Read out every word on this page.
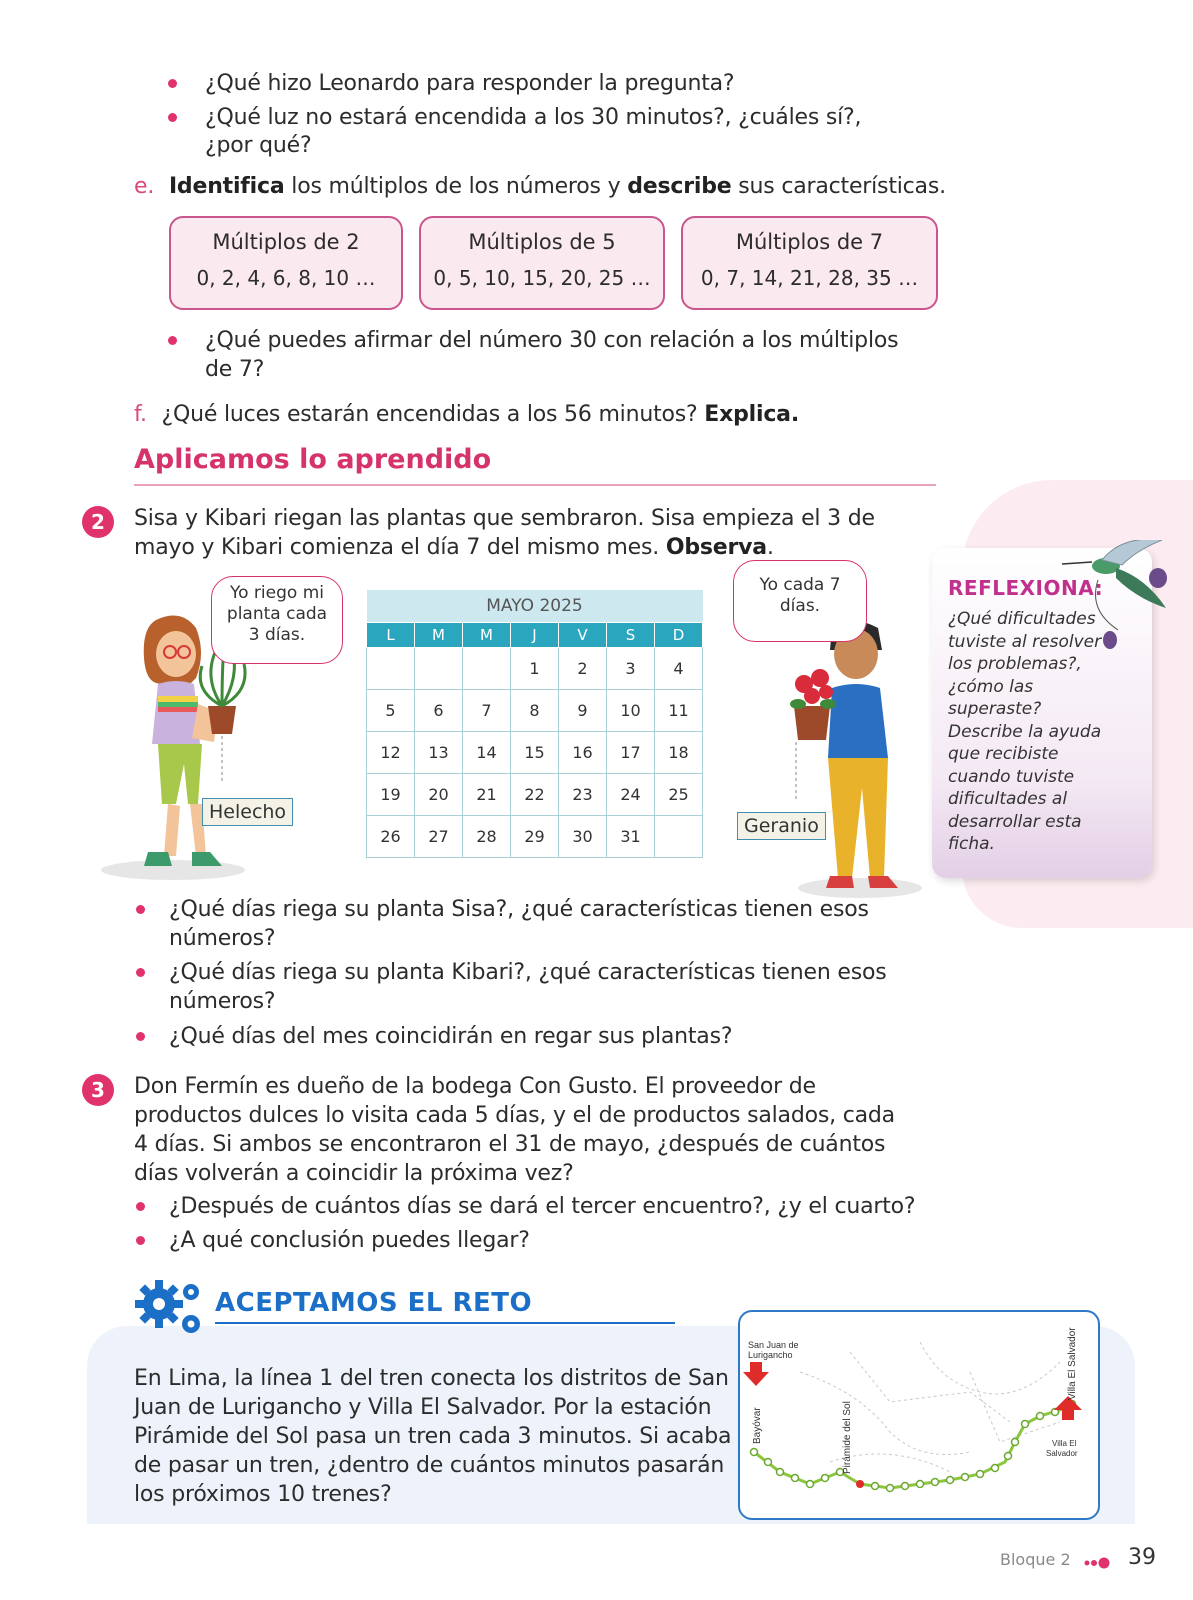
¿Qué hizo Leonardo para responder la pregunta?
¿Qué luz no estará encendida a los 30 minutos?, ¿cuáles sí?,
¿por qué?
e. Identifica los múltiplos de los números y describe sus características.
Múltiplos de 2
0, 2, 4, 6, 8, 10 …
Múltiplos de 5
0, 5, 10, 15, 20, 25 …
Múltiplos de 7
0, 7, 14, 21, 28, 35 …
¿Qué puedes afirmar del número 30 con relación a los múltiplos
de 7?
f. ¿Qué luces estarán encendidas a los 56 minutos? Explica.
Aplicamos lo aprendido
2	Sisa y Kibari riegan las plantas que sembraron. Sisa empieza el 3 de
mayo y Kibari comienza el día 7 del mismo mes. Observa.
Yo riego mi
planta cada
3 días.
Helecho
MAYO 2025						
L	M	M	J	V	S	D
			1	2	3	4
5	6	7	8	9	10	11
12	13	14	15	16	17	18
19	20	21	22	23	24	25
26	27	28	29	30	31	
Yo cada 7
días.
Geranio
REFLEXIONA:
¿Qué dificultades
tuviste al resolver
los problemas?,
¿cómo las
superaste?
Describe la ayuda
que recibiste
cuando tuviste
dificultades al
desarrollar esta
ficha.
¿Qué días riega su planta Sisa?, ¿qué características tienen esos
números?
¿Qué días riega su planta Kibari?, ¿qué características tienen esos
números?
¿Qué días del mes coincidirán en regar sus plantas?
3	Don Fermín es dueño de la bodega Con Gusto. El proveedor de
productos dulces lo visita cada 5 días, y el de productos salados, cada
4 días. Si ambos se encontraron el 31 de mayo, ¿después de cuántos
días volverán a coincidir la próxima vez?
¿Después de cuántos días se dará el tercer encuentro?, ¿y el cuarto?
¿A qué conclusión puedes llegar?
ACEPTAMOS EL RETO
En Lima, la línea 1 del tren conecta los distritos de San
Juan de Lurigancho y Villa El Salvador. Por la estación
Pirámide del Sol pasa un tren cada 3 minutos. Si acaba
de pasar un tren, ¿dentro de cuántos minutos pasarán
los próximos 10 trenes?
San Juan de
Lurigancho
Bayóvar	Pirámide del Sol
Villa El Salvador
Villa El
Salvador
Bloque 2	39
